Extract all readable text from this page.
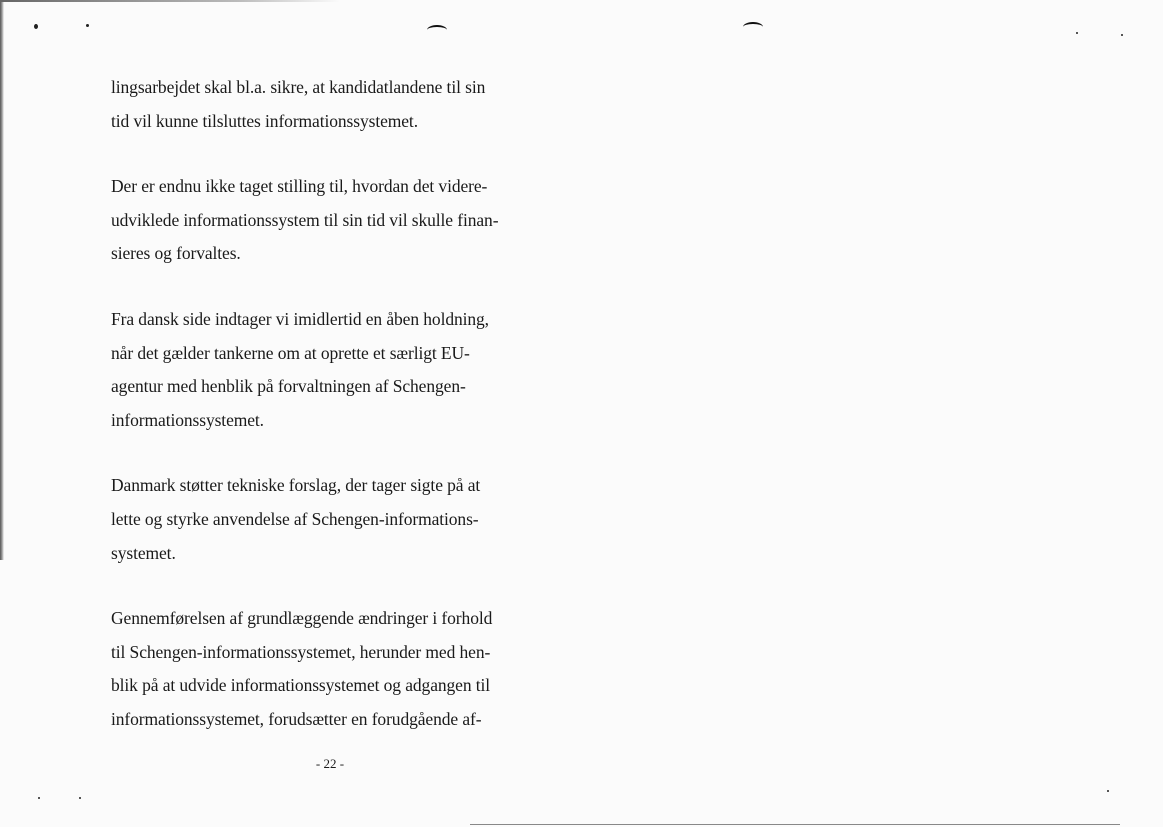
lingsarbejdet skal bl.a. sikre, at kandidatlandene til sin
tid vil kunne tilsluttes informationssystemet.

Der er endnu ikke taget stilling til, hvordan det videre-
udviklede informationssystem til sin tid vil skulle finan-
sieres og forvaltes.

Fra dansk side indtager vi imidlertid en åben holdning,
når det gælder tankerne om at oprette et særligt EU-
agentur med henblik på forvaltningen af Schengen-
informationssystemet.

Danmark støtter tekniske forslag, der tager sigte på at
lette og styrke anvendelse af Schengen-informations-
systemet.

Gennemførelsen af grundlæggende ændringer i forhold
til Schengen-informationssystemet, herunder med hen-
blik på at udvide informationssystemet og adgangen til
informationssystemet, forudsætter en forudgående af-

- 22 -
